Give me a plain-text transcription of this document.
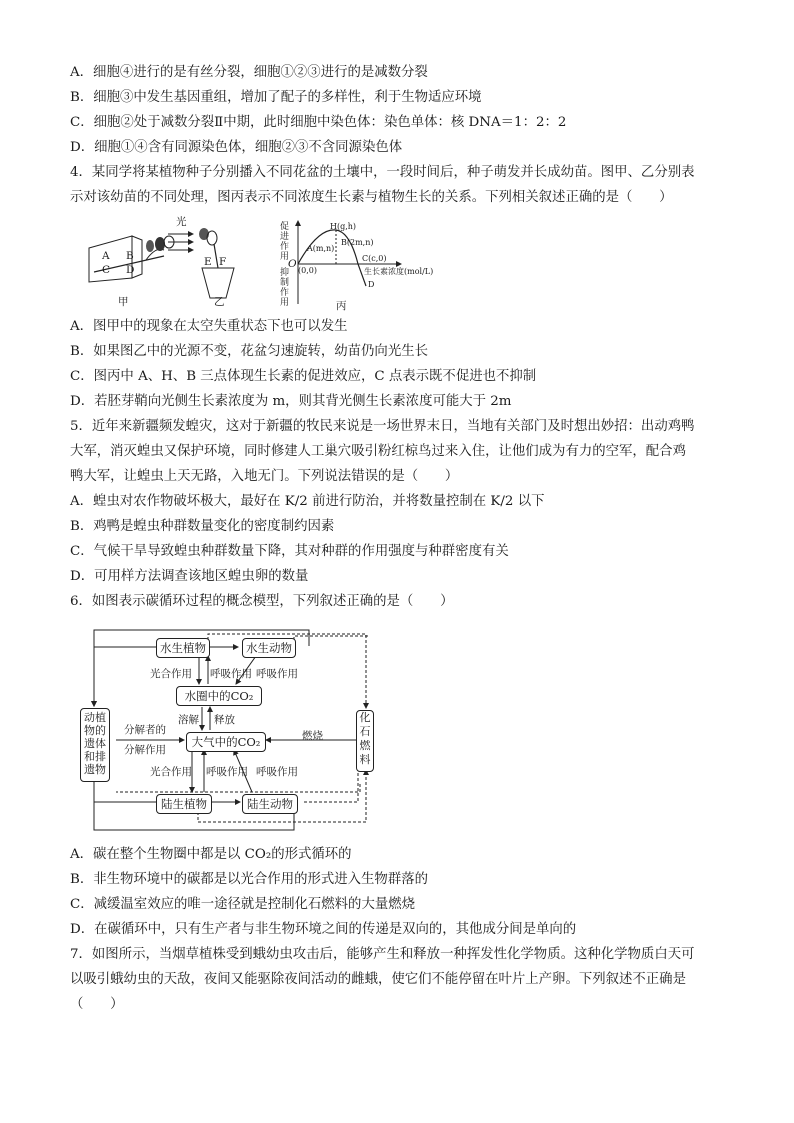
A．细胞④进行的是有丝分裂，细胞①②③进行的是减数分裂
B．细胞③中发生基因重组，增加了配子的多样性，利于生物适应环境
C．细胞②处于减数分裂Ⅱ中期，此时细胞中染色体：染色单体：核 DNA＝1：2：2
D．细胞①④含有同源染色体，细胞②③不含同源染色体
4．某同学将某植物种子分别播入不同花盆的土壤中，一段时间后，种子萌发并长成幼苗。图甲、乙分别表
示对该幼苗的不同处理，图丙表示不同浓度生长素与植物生长的关系。下列相关叙述正确的是（　　）
A B
C D
甲
光
E F
乙
促进作用
O
抑制作用
H(g,h)
A(m,n)
B(2m,n)
C(c,0)
(0,0)
D
生长素浓度(mol/L)
丙
A．图甲中的现象在太空失重状态下也可以发生
B．如果图乙中的光源不变，花盆匀速旋转，幼苗仍向光生长
C．图丙中 A、H、B 三点体现生长素的促进效应，C 点表示既不促进也不抑制
D．若胚芽鞘向光侧生长素浓度为 m，则其背光侧生长素浓度可能大于 2m
5．近年来新疆频发蝗灾，这对于新疆的牧民来说是一场世界末日，当地有关部门及时想出妙招：出动鸡鸭
大军，消灭蝗虫又保护环境，同时修建人工巢穴吸引粉红椋鸟过来入住，让他们成为有力的空军，配合鸡
鸭大军，让蝗虫上天无路，入地无门。下列说法错误的是（　　）
A．蝗虫对农作物破坏极大，最好在 K/2 前进行防治，并将数量控制在 K/2 以下
B．鸡鸭是蝗虫种群数量变化的密度制约因素
C．气候干旱导致蝗虫种群数量下降，其对种群的作用强度与种群密度有关
D．可用样方法调查该地区蝗虫卵的数量
6．如图表示碳循环过程的概念模型，下列叙述正确的是（　　）
水生植物	水生动物
光合作用 呼吸作用 呼吸作用
水圈中的CO₂
溶解 释放
动植物的遗体和排遗物
分解者的
分解作用
大气中的CO₂	燃烧
化石燃料
光合作用 呼吸作用 呼吸作用
陆生植物	陆生动物
A．碳在整个生物圈中都是以 CO₂的形式循环的
B．非生物环境中的碳都是以光合作用的形式进入生物群落的
C．减缓温室效应的唯一途径就是控制化石燃料的大量燃烧
D．在碳循环中，只有生产者与非生物环境之间的传递是双向的，其他成分间是单向的
7．如图所示，当烟草植株受到蛾幼虫攻击后，能够产生和释放一种挥发性化学物质。这种化学物质白天可
以吸引蛾幼虫的天敌，夜间又能驱除夜间活动的雌蛾，使它们不能停留在叶片上产卵。下列叙述不正确是
（　　）
